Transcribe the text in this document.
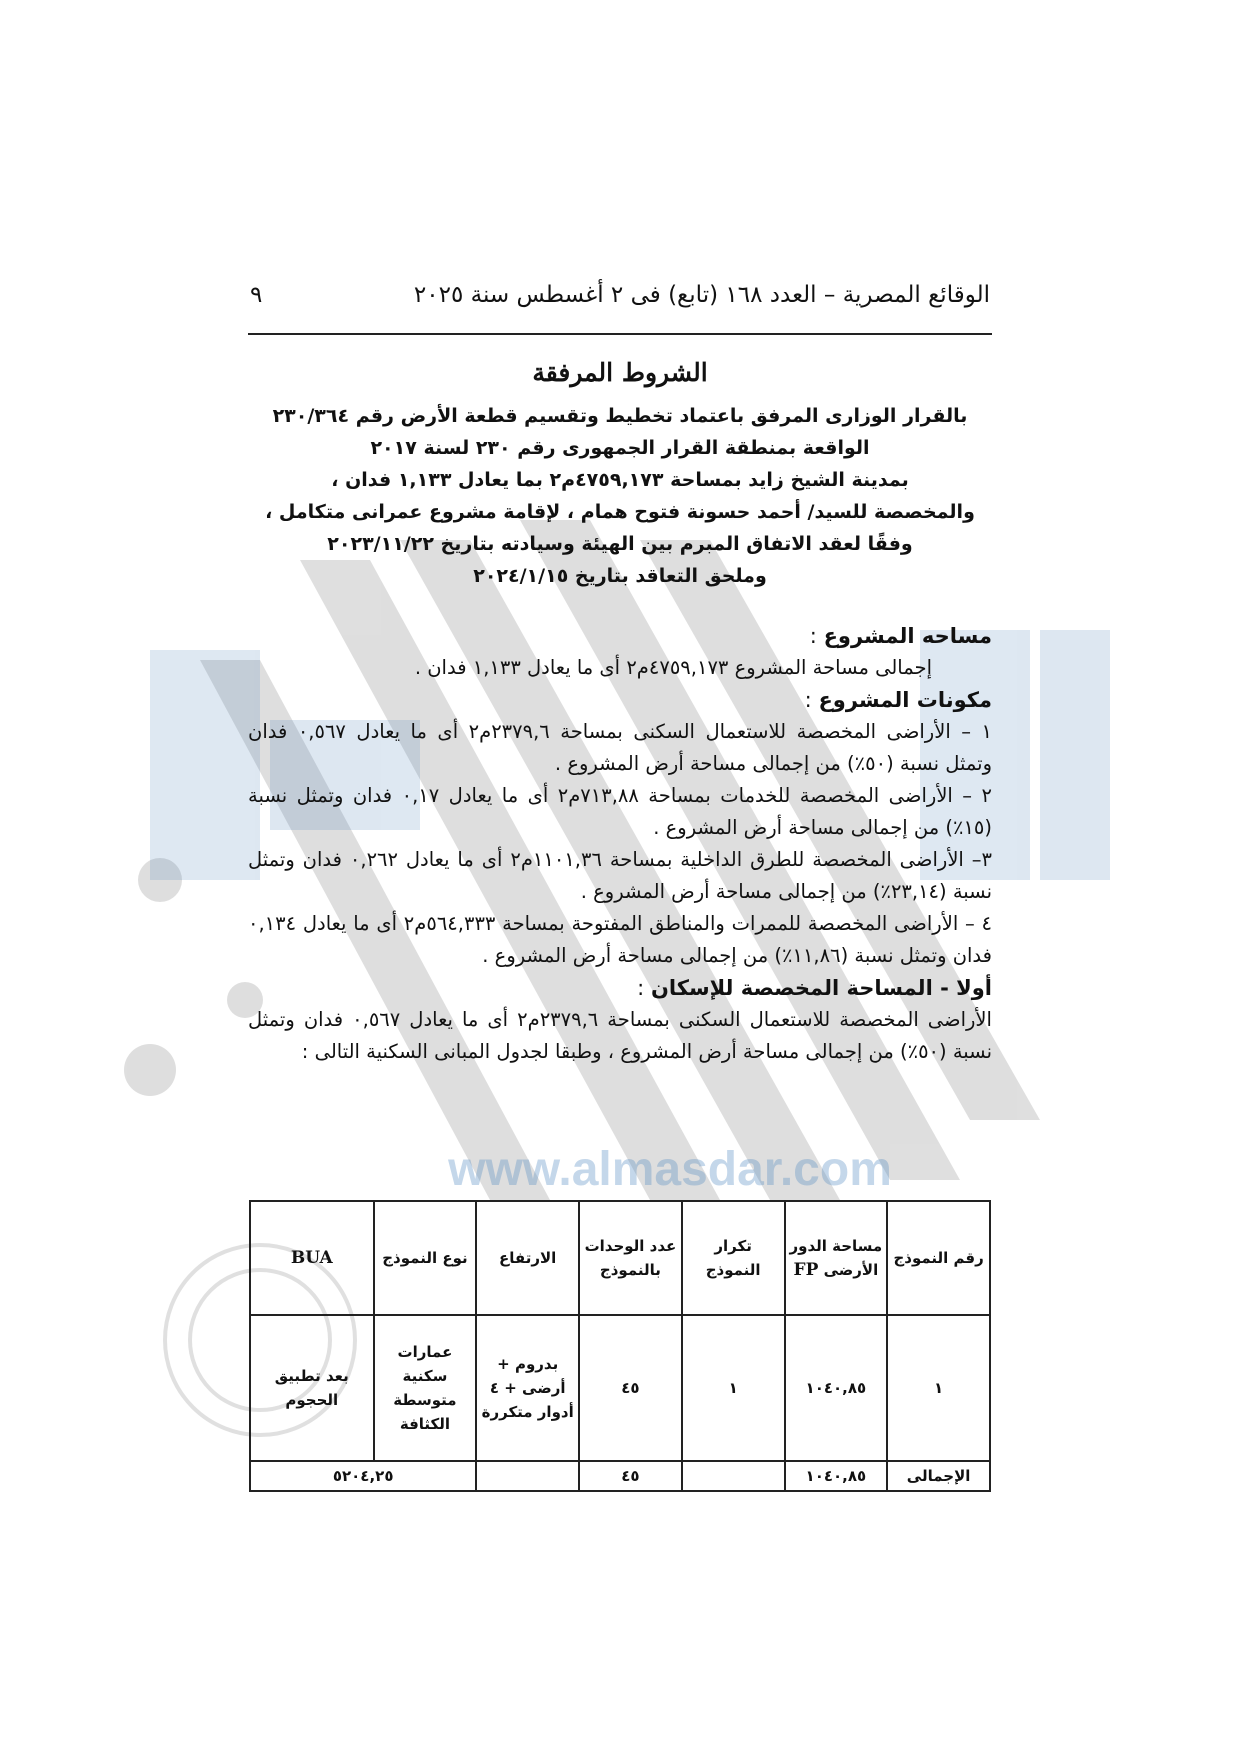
www.almasdar.com
الوقائع المصرية – العدد ١٦٨ (تابع) فى ٢ أغسطس سنة ٢٠٢٥
٩
الشروط المرفقة
بالقرار الوزارى المرفق باعتماد تخطيط وتقسيم قطعة الأرض رقم ٢٣٠/٣٦٤
الواقعة بمنطقة القرار الجمهورى رقم ٢٣٠ لسنة ٢٠١٧
بمدينة الشيخ زايد بمساحة ٤٧٥٩,١٧٣م٢ بما يعادل ١,١٣٣ فدان ،
والمخصصة للسيد/ أحمد حسونة فتوح همام ، لإقامة مشروع عمرانى متكامل ،
وفقًا لعقد الاتفاق المبرم بين الهيئة وسيادته بتاريخ ٢٠٢٣/١١/٢٢
وملحق التعاقد بتاريخ ٢٠٢٤/١/١٥
مساحه المشروع :
إجمالى مساحة المشروع ٤٧٥٩,١٧٣م٢ أى ما يعادل ١,١٣٣ فدان .
مكونات المشروع :
١ – الأراضى المخصصة للاستعمال السكنى بمساحة ٢٣٧٩,٦م٢ أى ما يعادل ٠,٥٦٧ فدان وتمثل نسبة (٥٠٪) من إجمالى مساحة أرض المشروع .
٢ – الأراضى المخصصة للخدمات بمساحة ٧١٣,٨٨م٢ أى ما يعادل ٠,١٧ فدان وتمثل نسبة (١٥٪) من إجمالى مساحة أرض المشروع .
٣– الأراضى المخصصة للطرق الداخلية بمساحة ١١٠١,٣٦م٢ أى ما يعادل ٠,٢٦٢ فدان وتمثل نسبة (٢٣,١٤٪) من إجمالى مساحة أرض المشروع .
٤ – الأراضى المخصصة للممرات والمناطق المفتوحة بمساحة ٥٦٤,٣٣٣م٢ أى ما يعادل ٠,١٣٤ فدان وتمثل نسبة (١١,٨٦٪) من إجمالى مساحة أرض المشروع .
أولا - المساحة المخصصة للإسكان :
الأراضى المخصصة للاستعمال السكنى بمساحة ٢٣٧٩,٦م٢ أى ما يعادل ٠,٥٦٧ فدان وتمثل نسبة (٥٠٪) من إجمالى مساحة أرض المشروع ، وطبقا لجدول المبانى السكنية التالى :
رقم النموذج	مساحة الدور الأرضى FP	تكرار النموذج	عدد الوحدات بالنموذج	الارتفاع	نوع النموذج	BUA
١	١٠٤٠,٨٥	١	٤٥	بدروم + أرضى + ٤ أدوار متكررة	عمارات سكنية متوسطة الكثافة	بعد تطبيق الحجوم
الإجمالى	١٠٤٠,٨٥		٤٥		٥٢٠٤,٢٥	
